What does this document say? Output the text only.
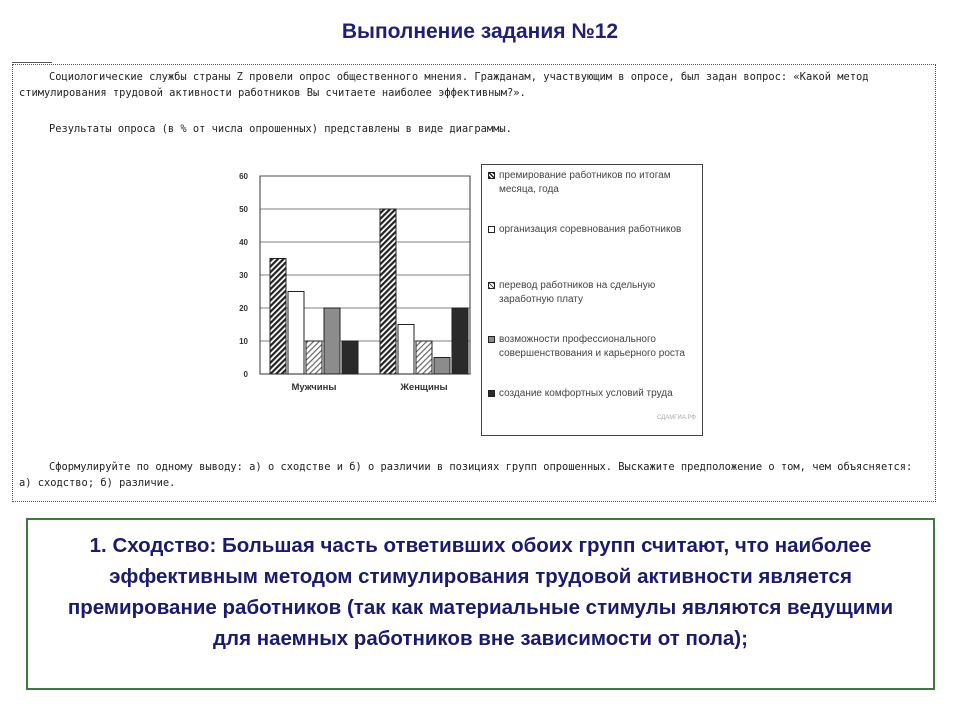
Выполнение задания №12

Социологические службы страны Z провели опрос общественного мнения. Гражданам, участвующим в опросе, был задан вопрос: «Какой метод стимулирования трудовой активности работников Вы считаете наиболее эффективным?».

Результаты опроса (в % от числа опрошенных) представлены в виде диаграммы.

Сформулируйте по одному выводу: а) о сходстве и б) о различии в позициях групп опрошенных. Выскажите предположение о том, чем объясняется: а) сходство; б) различие.

0
10
20
30
40
50
60
Мужчины	Женщины
премирование работников по итогам месяца, года
организация соревнования работников
перевод работников на сдельную заработную плату
возможности профессионального совершенствования и карьерного роста
создание комфортных условий труда
СДАМГИА.РФ

1. Сходство: Большая часть ответивших обоих групп считают, что наиболее эффективным методом стимулирования трудовой активности является премирование работников (так как материальные стимулы являются ведущими для наемных работников вне зависимости от пола);
